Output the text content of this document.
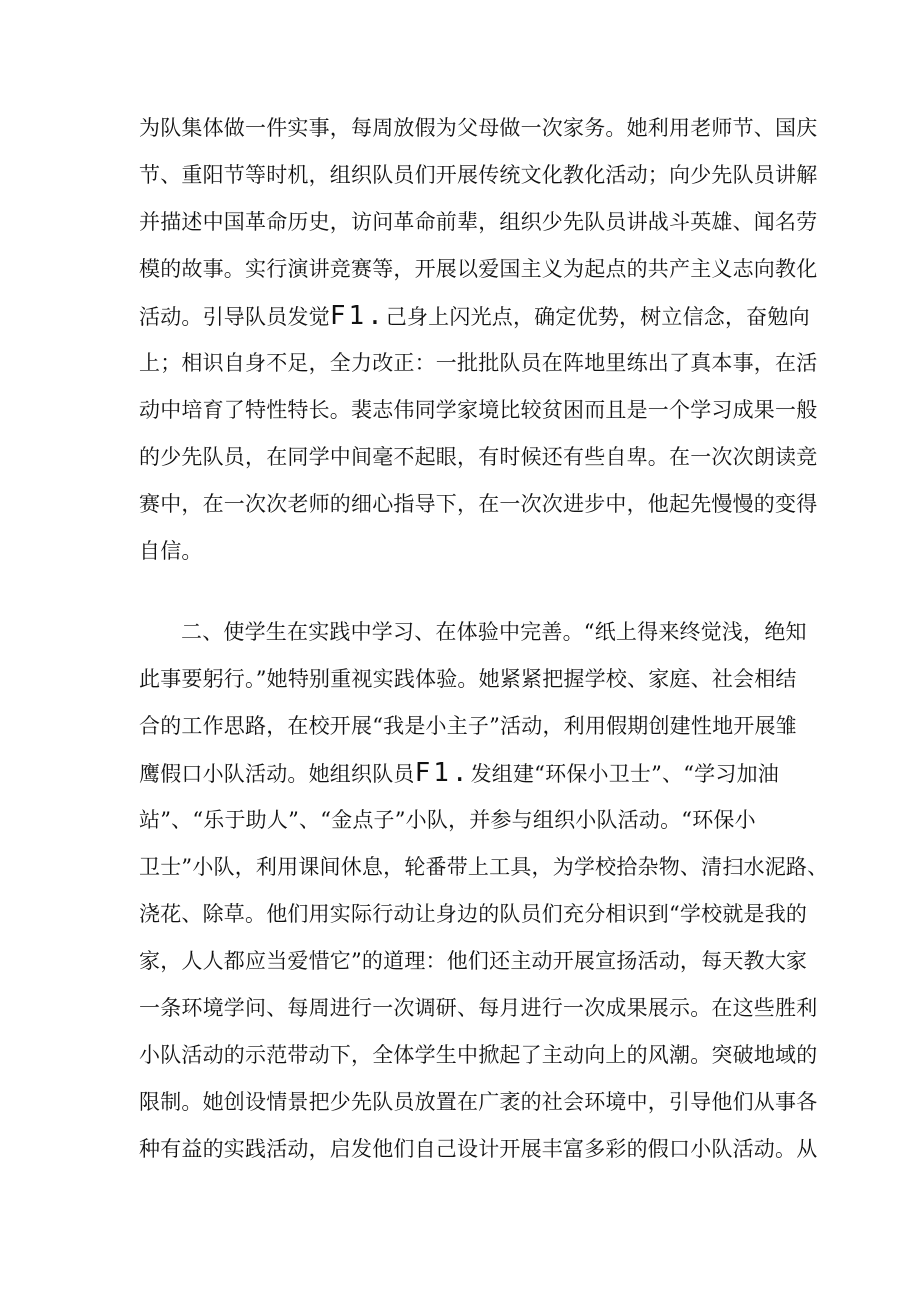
为队集体做一件实事，每周放假为父母做一次家务。她利用老师节、国庆
节、重阳节等时机，组织队员们开展传统文化教化活动；向少先队员讲解
并描述中国革命历史，访问革命前辈，组织少先队员讲战斗英雄、闻名劳
模的故事。实行演讲竞赛等，开展以爱国主义为起点的共产主义志向教化
活动。引导队员发觉F1.己身上闪光点，确定优势，树立信念，奋勉向
上；相识自身不足，全力改正：一批批队员在阵地里练出了真本事，在活
动中培育了特性特长。裴志伟同学家境比较贫困而且是一个学习成果一般
的少先队员，在同学中间毫不起眼，有时候还有些自卑。在一次次朗读竞
赛中，在一次次老师的细心指导下，在一次次进步中，他起先慢慢的变得
自信。
二、使学生在实践中学习、在体验中完善。“纸上得来终觉浅，绝知
此事要躬行。”她特别重视实践体验。她紧紧把握学校、家庭、社会相结
合的工作思路，在校开展“我是小主子”活动，利用假期创建性地开展雏
鹰假口小队活动。她组织队员F1.发组建“环保小卫士”、“学习加油
站”、“乐于助人”、“金点子”小队，并参与组织小队活动。“环保小
卫士”小队，利用课间休息，轮番带上工具，为学校拾杂物、清扫水泥路、
浇花、除草。他们用实际行动让身边的队员们充分相识到“学校就是我的
家，人人都应当爱惜它”的道理：他们还主动开展宣扬活动，每天教大家
一条环境学问、每周进行一次调研、每月进行一次成果展示。在这些胜利
小队活动的示范带动下，全体学生中掀起了主动向上的风潮。突破地域的
限制。她创设情景把少先队员放置在广袤的社会环境中，引导他们从事各
种有益的实践活动，启发他们自己设计开展丰富多彩的假口小队活动。从
